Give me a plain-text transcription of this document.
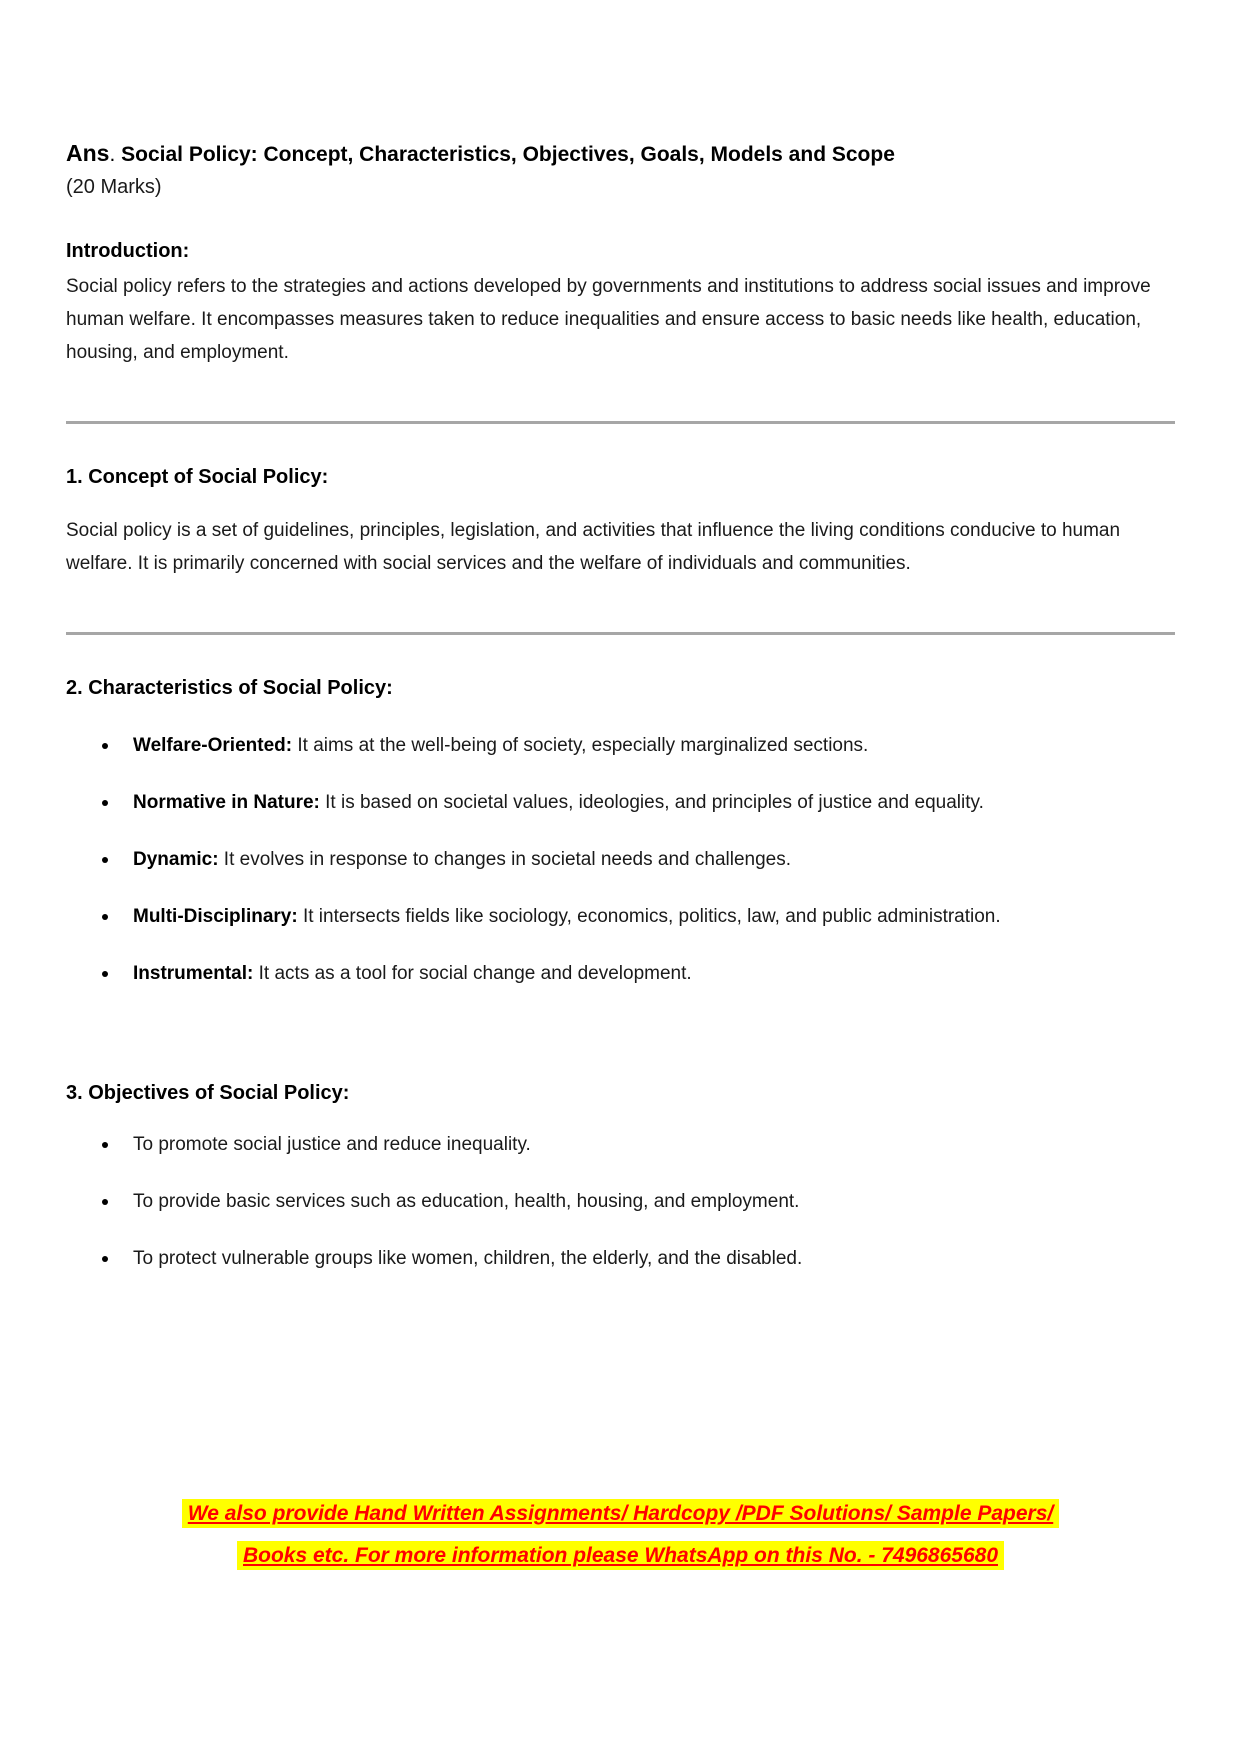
Ans. Social Policy: Concept, Characteristics, Objectives, Goals, Models and Scope
(20 Marks)
Introduction:

Social policy refers to the strategies and actions developed by governments and institutions to address social issues and improve human welfare. It encompasses measures taken to reduce inequalities and ensure access to basic needs like health, education, housing, and employment.

1. Concept of Social Policy:

Social policy is a set of guidelines, principles, legislation, and activities that influence the living conditions conducive to human welfare. It is primarily concerned with social services and the welfare of individuals and communities.

2. Characteristics of Social Policy:
Welfare-Oriented: It aims at the well-being of society, especially marginalized sections.
Normative in Nature: It is based on societal values, ideologies, and principles of justice and equality.
Dynamic: It evolves in response to changes in societal needs and challenges.
Multi-Disciplinary: It intersects fields like sociology, economics, politics, law, and public administration.
Instrumental: It acts as a tool for social change and development.
3. Objectives of Social Policy:
To promote social justice and reduce inequality.
To provide basic services such as education, health, housing, and employment.
To protect vulnerable groups like women, children, the elderly, and the disabled.
We also provide Hand Written Assignments/ Hardcopy /PDF Solutions/ Sample Papers/
Books etc. For more information please WhatsApp on this No. - 7496865680
